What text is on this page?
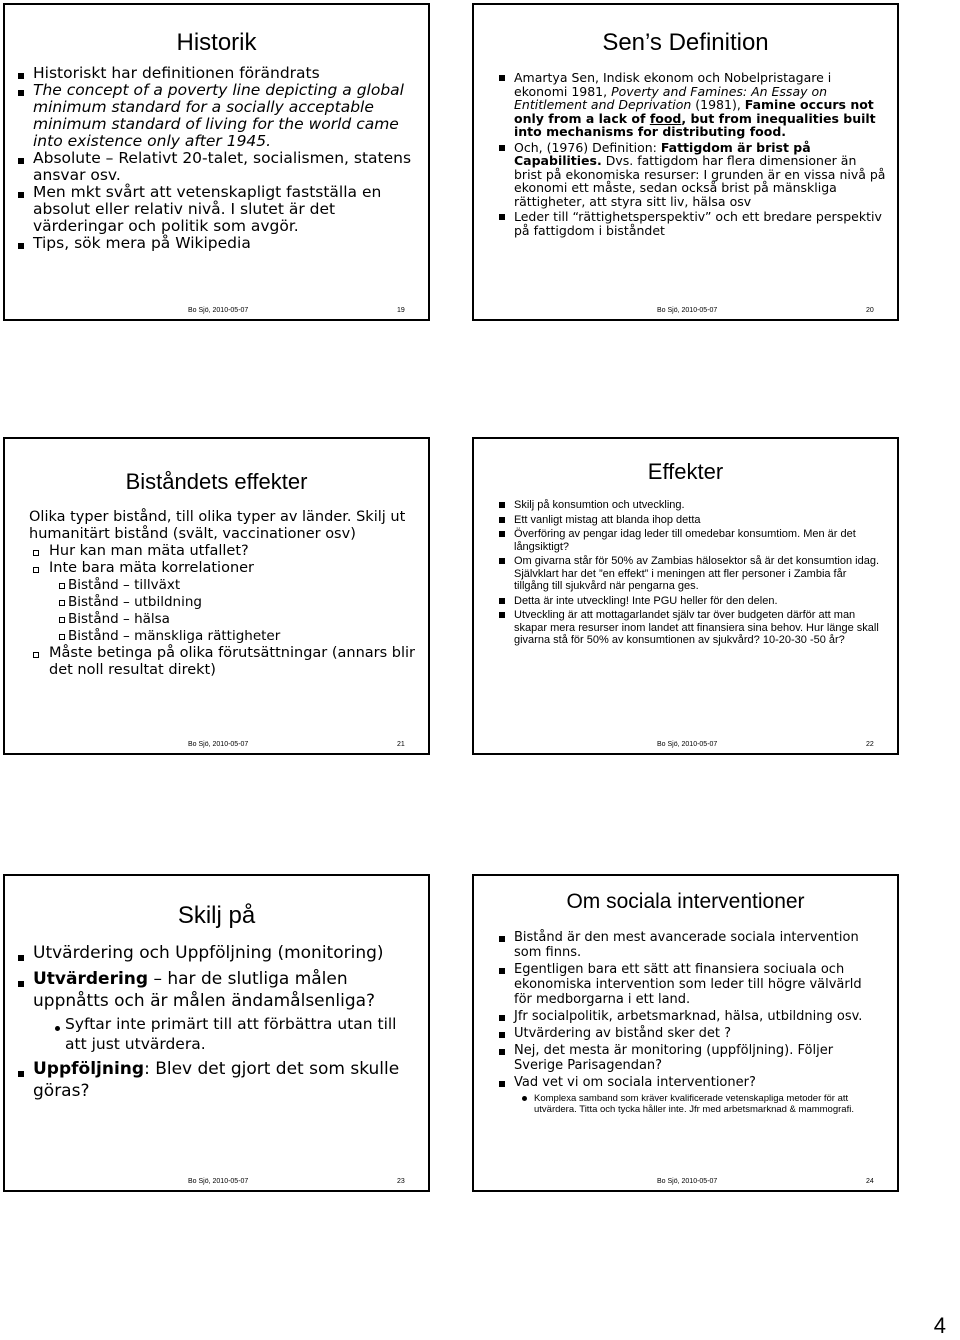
Historik
Historiskt har definitionen förändrats
The concept of a poverty line depicting a global minimum standard for a socially acceptable minimum standard of living for the world came into existence only after 1945.
Absolute – Relativt 20-talet, socialismen, statens ansvar osv.
Men mkt svårt att vetenskapligt fastställa en absolut eller relativ nivå. I slutet är det värderingar och politik som avgör.
Tips, sök mera på Wikipedia
Bo Sjö, 2010-05-07	19
Sen’s Definition
Amartya Sen, Indisk ekonom och Nobelpristagare i ekonomi 1981, Poverty and Famines: An Essay on Entitlement and Deprivation (1981), Famine occurs not only from a lack of food, but from inequalities built into mechanisms for distributing food.
Och, (1976) Definition: Fattigdom är brist på Capabilities. Dvs. fattigdom har flera dimensioner än brist på ekonomiska resurser: I grunden är en vissa nivå på ekonomi ett måste, sedan också brist på mänskliga rättigheter, att styra sitt liv, hälsa osv
Leder till “rättighetsperspektiv” och ett bredare perspektiv på fattigdom i biståndet
Bo Sjö, 2010-05-07	20
Biståndets effekter
Olika typer bistånd, till olika typer av länder. Skilj ut humanitärt bistånd (svält, vaccinationer osv)
Hur kan man mäta utfallet?
Inte bara mäta korrelationer
Bistånd – tillväxt
Bistånd – utbildning
Bistånd – hälsa
Bistånd – mänskliga rättigheter
Måste betinga på olika förutsättningar (annars blir det noll resultat direkt)
Bo Sjö, 2010-05-07	21
Effekter
Skilj på konsumtion och utveckling.
Ett vanligt mistag att blanda ihop detta
Överföring av pengar idag leder till omedebar konsumtiom. Men är det långsiktigt?
Om givarna står för 50% av Zambias hälosektor så är det konsumtion idag. Självklart har det ”en effekt” i meningen att fler personer i Zambia får tillgång till sjukvård när pengarna ges.
Detta är inte utveckling! Inte PGU heller för den delen.
Utveckling är att mottagarlandet själv tar över budgeten därför att man skapar mera resurser inom landet att finansiera sina behov. Hur länge skall givarna stå för 50% av konsumtionen av sjukvård? 10-20-30 -50 år?
Bo Sjö, 2010-05-07	22
Skilj på
Utvärdering och Uppföljning (monitoring)
Utvärdering – har de slutliga målen uppnåtts och är målen ändamålsenliga?
Syftar inte primärt till att förbättra utan till att just utvärdera.
Uppföljning: Blev det gjort det som skulle göras?
Bo Sjö, 2010-05-07	23
Om sociala interventioner
Bistånd är den mest avancerade sociala intervention som finns.
Egentligen bara ett sätt att finansiera sociuala och ekonomiska intervention som leder till högre välvärld för medborgarna i ett land.
Jfr socialpolitik, arbetsmarknad, hälsa, utbildning osv.
Utvärdering av bistånd sker det ?
Nej, det mesta är monitoring (uppföljning). Följer Sverige Parisagendan?
Vad vet vi om sociala interventioner?
Komplexa samband som kräver kvalificerade vetenskapliga metoder för att utvärdera. Titta och tycka håller inte. Jfr med arbetsmarknad & mammografi.
Bo Sjö, 2010-05-07	24
4
